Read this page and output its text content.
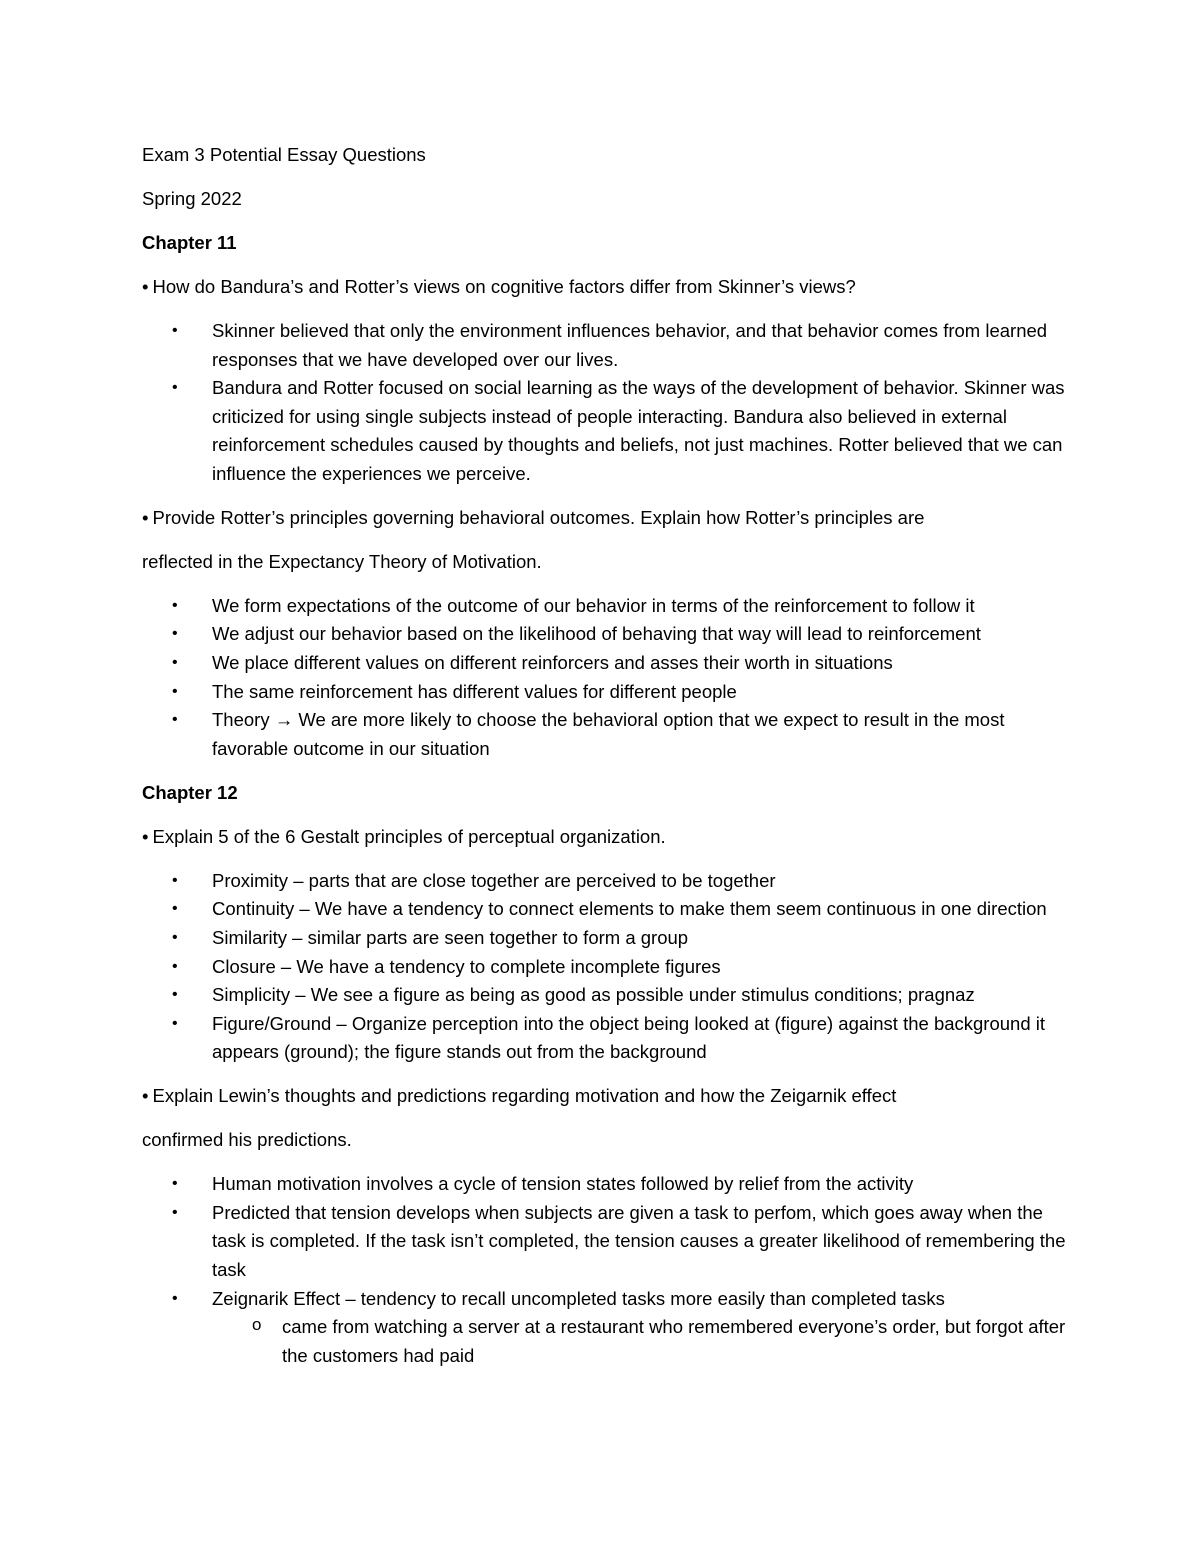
Exam 3 Potential Essay Questions

Spring 2022

Chapter 11

• How do Bandura’s and Rotter’s views on cognitive factors differ from Skinner’s views?

• Skinner believed that only the environment influences behavior, and that behavior comes from learned responses that we have developed over our lives.
• Bandura and Rotter focused on social learning as the ways of the development of behavior. Skinner was criticized for using single subjects instead of people interacting. Bandura also believed in external reinforcement schedules caused by thoughts and beliefs, not just machines. Rotter believed that we can influence the experiences we perceive.

• Provide Rotter’s principles governing behavioral outcomes. Explain how Rotter’s principles are

reflected in the Expectancy Theory of Motivation.

• We form expectations of the outcome of our behavior in terms of the reinforcement to follow it
• We adjust our behavior based on the likelihood of behaving that way will lead to reinforcement
• We place different values on different reinforcers and asses their worth in situations
• The same reinforcement has different values for different people
• Theory → We are more likely to choose the behavioral option that we expect to result in the most favorable outcome in our situation

Chapter 12

• Explain 5 of the 6 Gestalt principles of perceptual organization.

• Proximity – parts that are close together are perceived to be together
• Continuity – We have a tendency to connect elements to make them seem continuous in one direction
• Similarity – similar parts are seen together to form a group
• Closure – We have a tendency to complete incomplete figures
• Simplicity – We see a figure as being as good as possible under stimulus conditions; pragnaz
• Figure/Ground – Organize perception into the object being looked at (figure) against the background it appears (ground); the figure stands out from the background

• Explain Lewin’s thoughts and predictions regarding motivation and how the Zeigarnik effect

confirmed his predictions.

• Human motivation involves a cycle of tension states followed by relief from the activity
• Predicted that tension develops when subjects are given a task to perfom, which goes away when the task is completed. If the task isn’t completed, the tension causes a greater likelihood of remembering the task
• Zeignarik Effect – tendency to recall uncompleted tasks more easily than completed tasks
o came from watching a server at a restaurant who remembered everyone’s order, but forgot after the customers had paid
